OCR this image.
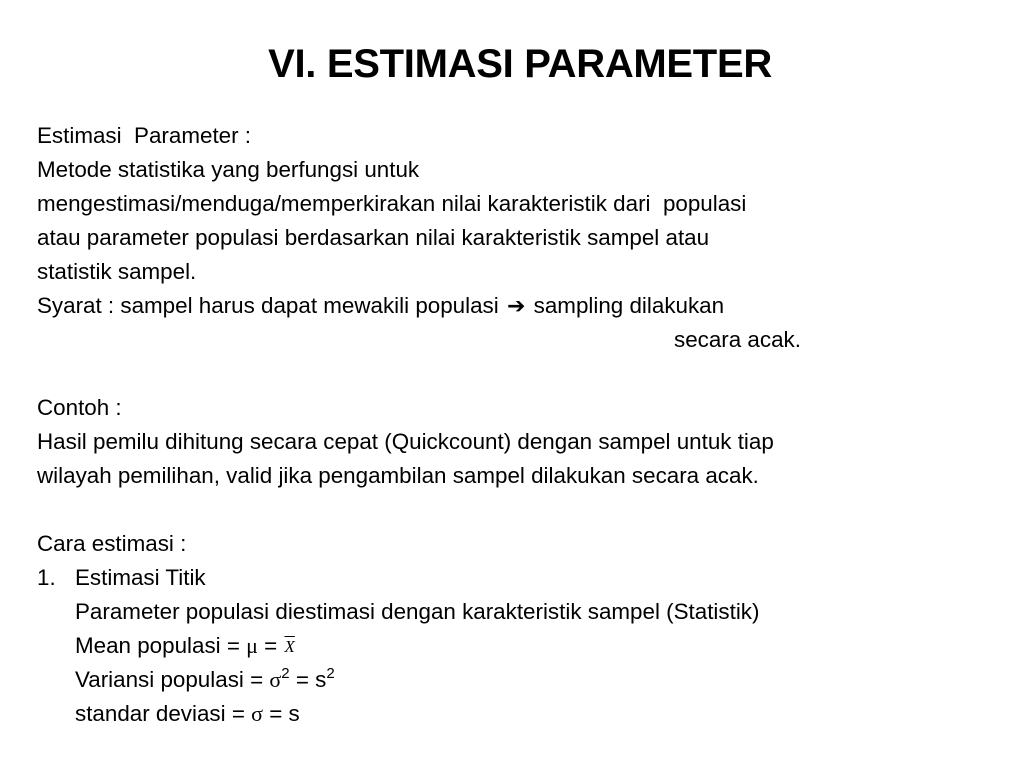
VI. ESTIMASI PARAMETER
Estimasi  Parameter :
Metode statistika yang berfungsi untuk
mengestimasi/menduga/memperkirakan nilai karakteristik dari  populasi
atau parameter populasi berdasarkan nilai karakteristik sampel atau
statistik sampel.
Syarat : sampel harus dapat mewakili populasi ➔ sampling dilakukan
secara acak.
Contoh :
Hasil pemilu dihitung secara cepat (Quickcount) dengan sampel untuk tiap
wilayah pemilihan, valid jika pengambilan sampel dilakukan secara acak.
Cara estimasi :
1. Estimasi Titik
Parameter populasi diestimasi dengan karakteristik sampel (Statistik)
Mean populasi = $\mu = \overline{X}$
Variansi populasi = $\sigma^2 = s^2$
standar deviasi = σ = s
